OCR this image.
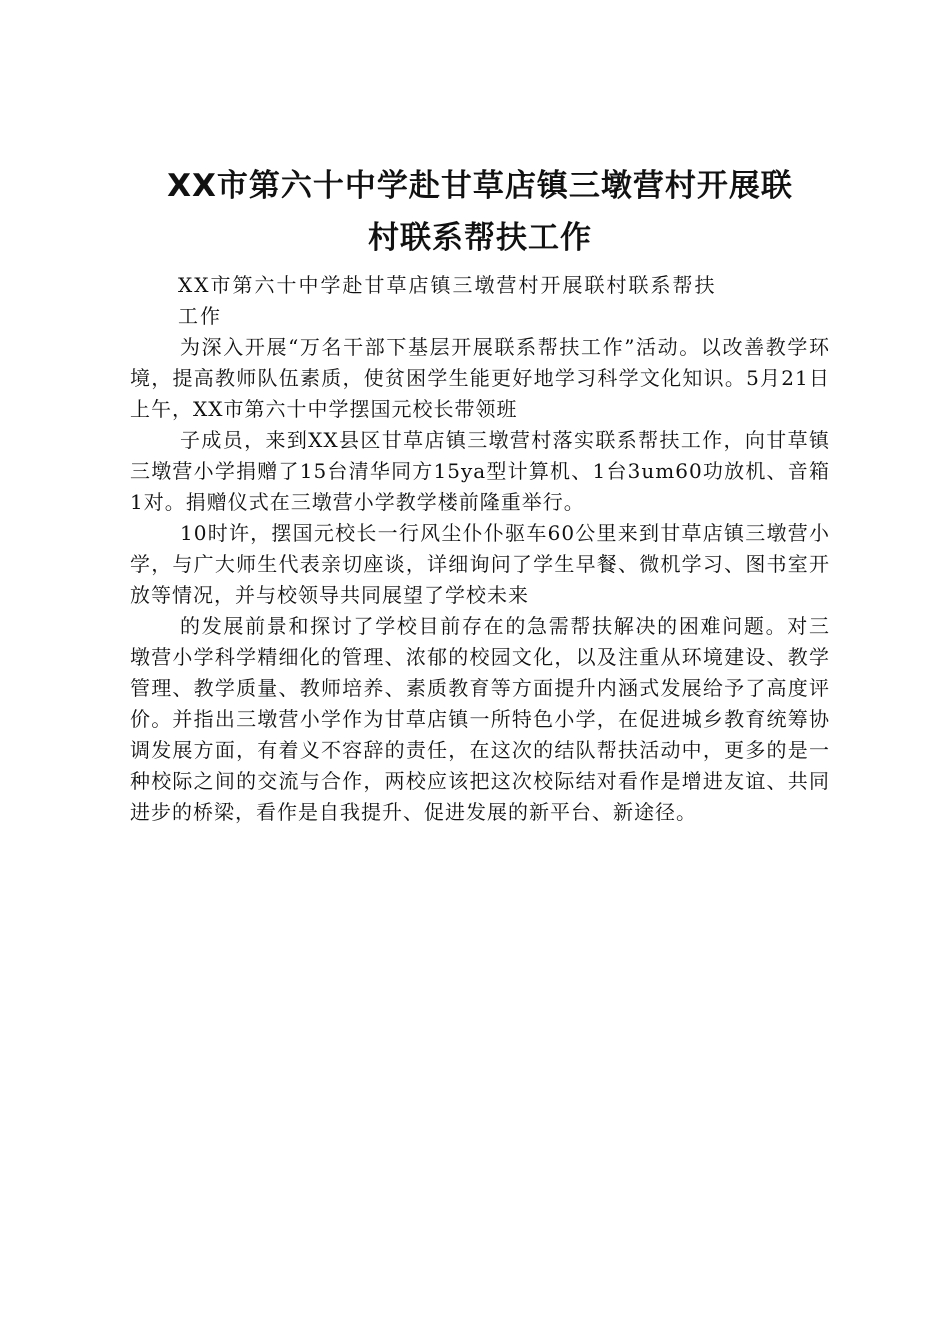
XX市第六十中学赴甘草店镇三墩营村开展联
村联系帮扶工作

XX市第六十中学赴甘草店镇三墩营村开展联村联系帮扶工作

为深入开展“万名干部下基层开展联系帮扶工作”活动。以改善教学环境，提高教师队伍素质，使贫困学生能更好地学习科学文化知识。5月21日上午，XX市第六十中学摆国元校长带领班

子成员，来到XX县区甘草店镇三墩营村落实联系帮扶工作，向甘草镇三墩营小学捐赠了15台清华同方15ya型计算机、1台3um60功放机、音箱1对。捐赠仪式在三墩营小学教学楼前隆重举行。

10时许，摆国元校长一行风尘仆仆驱车60公里来到甘草店镇三墩营小学，与广大师生代表亲切座谈，详细询问了学生早餐、微机学习、图书室开放等情况，并与校领导共同展望了学校未来

的发展前景和探讨了学校目前存在的急需帮扶解决的困难问题。对三墩营小学科学精细化的管理、浓郁的校园文化，以及注重从环境建设、教学管理、教学质量、教师培养、素质教育等方面提升内涵式发展给予了高度评价。并指出三墩营小学作为甘草店镇一所特色小学，在促进城乡教育统筹协调发展方面，有着义不容辞的责任，在这次的结队帮扶活动中，更多的是一种校际之间的交流与合作，两校应该把这次校际结对看作是增进友谊、共同进步的桥梁，看作是自我提升、促进发展的新平台、新途径。
